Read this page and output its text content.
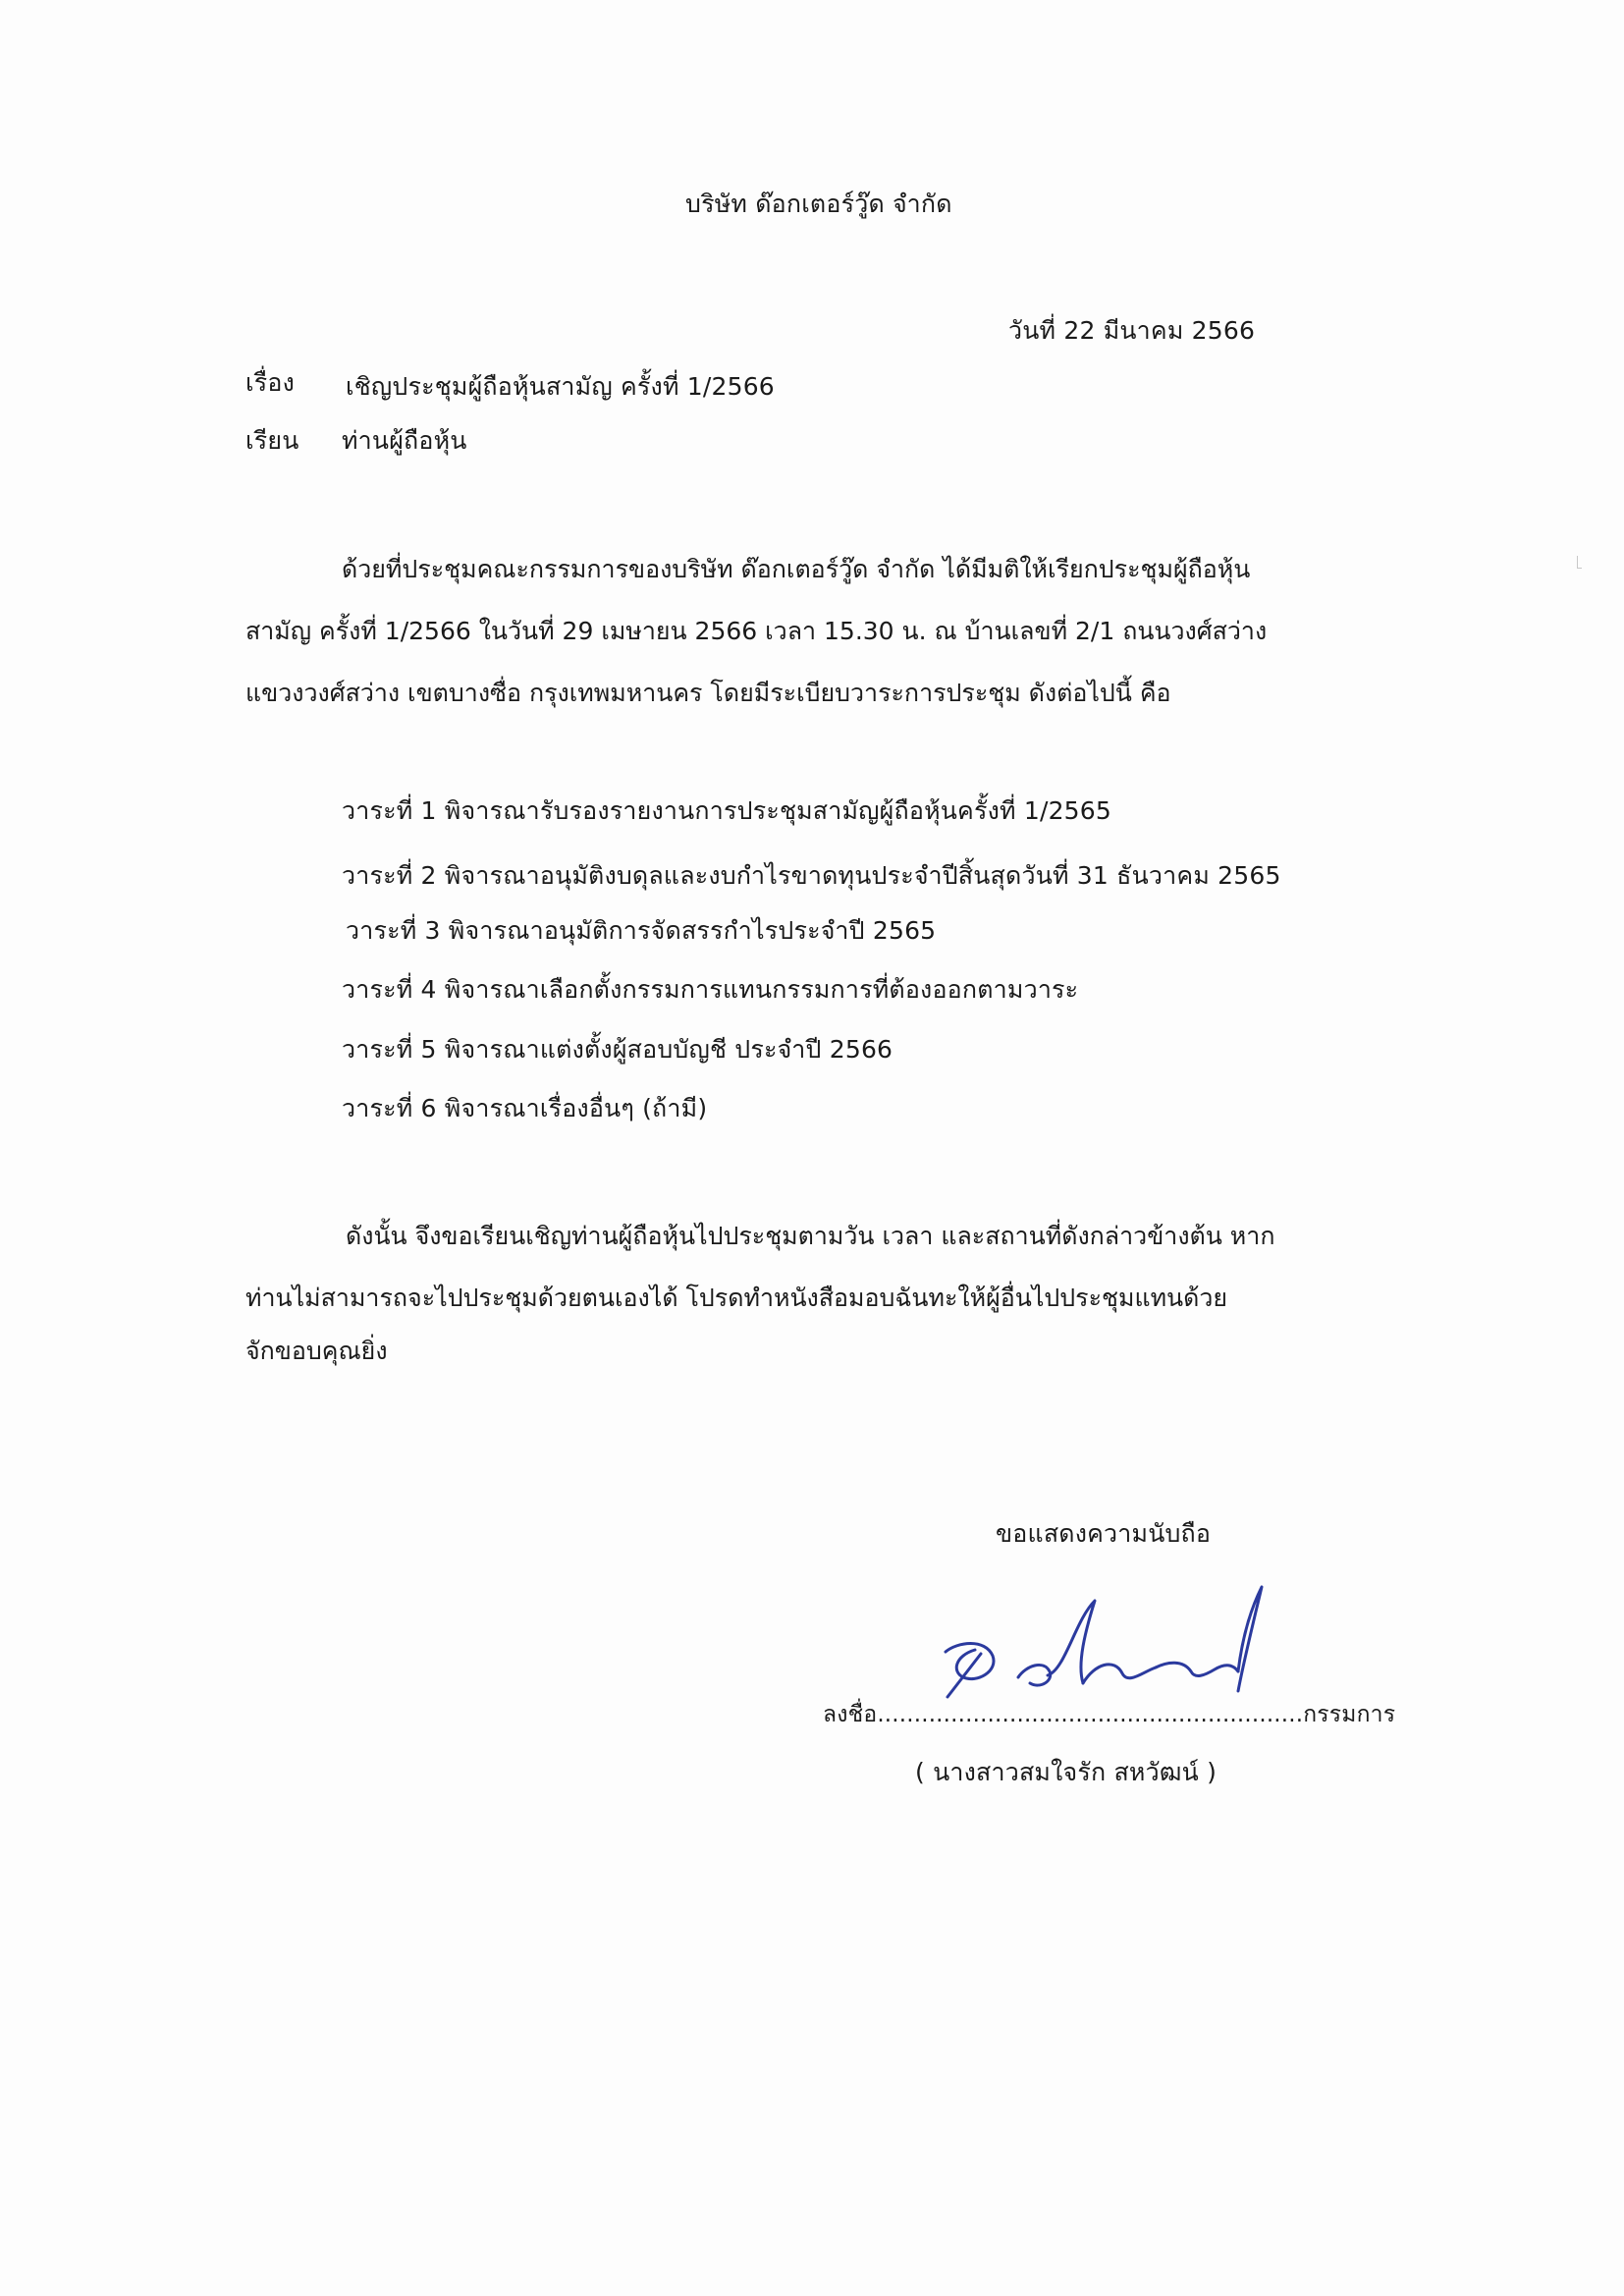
บริษัท ด๊อกเตอร์วู๊ด จำกัด
วันที่ 22 มีนาคม 2566
เรื่อง เชิญประชุมผู้ถือหุ้นสามัญ ครั้งที่ 1/2566
เรียน ท่านผู้ถือหุ้น
ด้วยที่ประชุมคณะกรรมการของบริษัท ด๊อกเตอร์วู๊ด จำกัด ได้มีมติให้เรียกประชุมผู้ถือหุ้น
สามัญ ครั้งที่ 1/2566 ในวันที่ 29 เมษายน 2566 เวลา 15.30 น. ณ บ้านเลขที่ 2/1 ถนนวงศ์สว่าง
แขวงวงศ์สว่าง เขตบางซื่อ กรุงเทพมหานคร โดยมีระเบียบวาระการประชุม ดังต่อไปนี้ คือ
วาระที่ 1 พิจารณารับรองรายงานการประชุมสามัญผู้ถือหุ้นครั้งที่ 1/2565
วาระที่ 2 พิจารณาอนุมัติงบดุลและงบกำไรขาดทุนประจำปีสิ้นสุดวันที่ 31 ธันวาคม 2565
วาระที่ 3 พิจารณาอนุมัติการจัดสรรกำไรประจำปี 2565
วาระที่ 4 พิจารณาเลือกตั้งกรรมการแทนกรรมการที่ต้องออกตามวาระ
วาระที่ 5 พิจารณาแต่งตั้งผู้สอบบัญชี ประจำปี 2566
วาระที่ 6 พิจารณาเรื่องอื่นๆ (ถ้ามี)
ดังนั้น จึงขอเรียนเชิญท่านผู้ถือหุ้นไปประชุมตามวัน เวลา และสถานที่ดังกล่าวข้างต้น หาก
ท่านไม่สามารถจะไปประชุมด้วยตนเองได้ โปรดทำหนังสือมอบฉันทะให้ผู้อื่นไปประชุมแทนด้วย
จักขอบคุณยิ่ง
ขอแสดงความนับถือ
ลงชื่อ..........................................................กรรมการ
( นางสาวสมใจรัก สหวัฒน์ )
